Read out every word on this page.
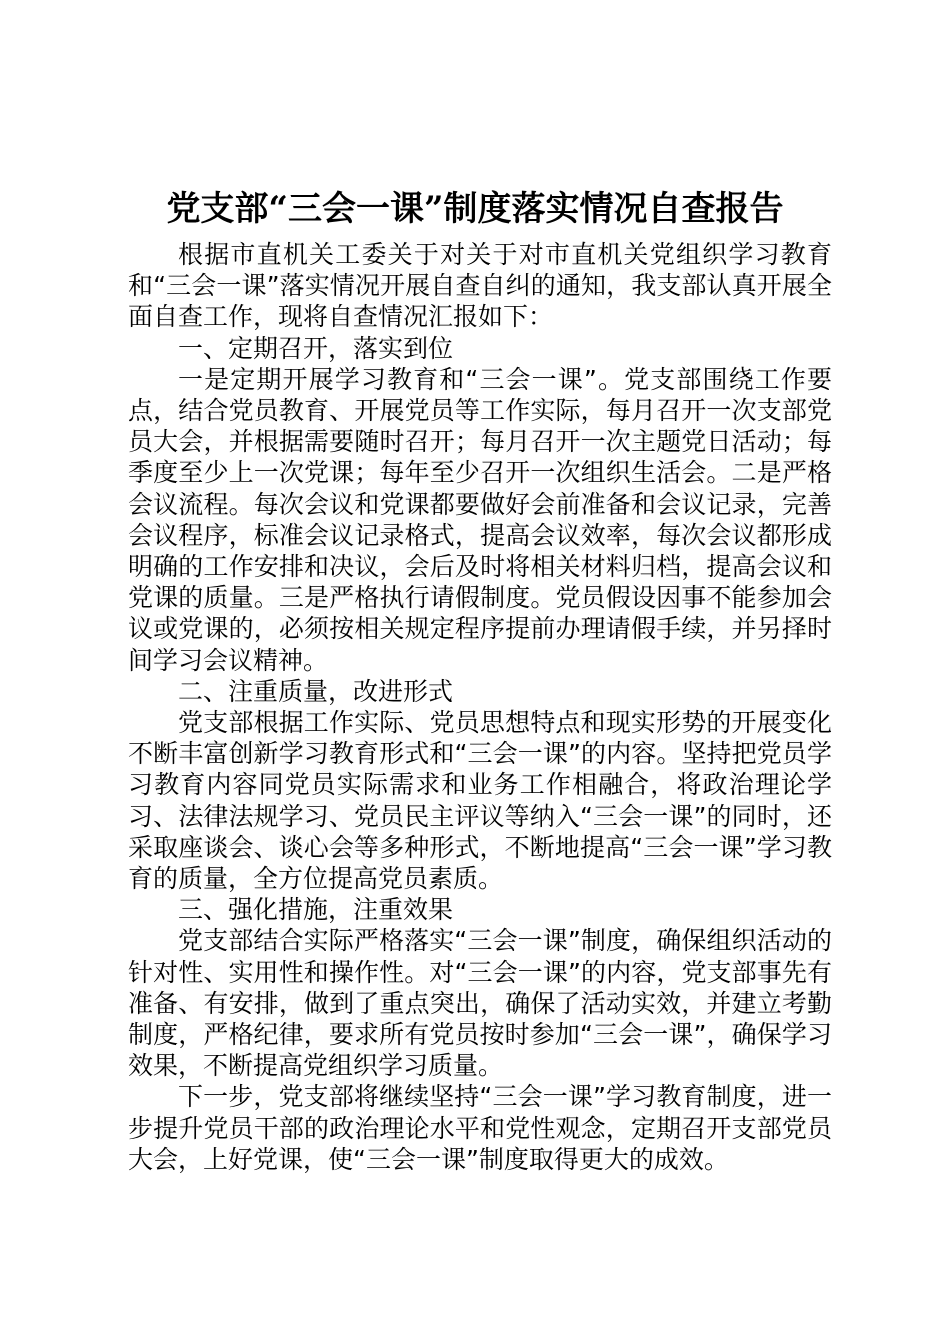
党支部“三会一课”制度落实情况自查报告

根据市直机关工委关于对关于对市直机关党组织学习教育和“三会一课”落实情况开展自查自纠的通知，我支部认真开展全面自查工作，现将自查情况汇报如下：

一、定期召开，落实到位

一是定期开展学习教育和“三会一课”。党支部围绕工作要点，结合党员教育、开展党员等工作实际，每月召开一次支部党员大会，并根据需要随时召开；每月召开一次主题党日活动；每季度至少上一次党课；每年至少召开一次组织生活会。二是严格会议流程。每次会议和党课都要做好会前准备和会议记录，完善会议程序，标准会议记录格式，提高会议效率，每次会议都形成明确的工作安排和决议，会后及时将相关材料归档，提高会议和党课的质量。三是严格执行请假制度。党员假设因事不能参加会议或党课的，必须按相关规定程序提前办理请假手续，并另择时间学习会议精神。

二、注重质量，改进形式

党支部根据工作实际、党员思想特点和现实形势的开展变化不断丰富创新学习教育形式和“三会一课”的内容。坚持把党员学习教育内容同党员实际需求和业务工作相融合，将政治理论学习、法律法规学习、党员民主评议等纳入“三会一课”的同时，还采取座谈会、谈心会等多种形式，不断地提高“三会一课”学习教育的质量，全方位提高党员素质。

三、强化措施，注重效果

党支部结合实际严格落实“三会一课”制度，确保组织活动的针对性、实用性和操作性。对“三会一课”的内容，党支部事先有准备、有安排，做到了重点突出，确保了活动实效，并建立考勤制度，严格纪律，要求所有党员按时参加“三会一课”，确保学习效果，不断提高党组织学习质量。

下一步，党支部将继续坚持“三会一课”学习教育制度，进一步提升党员干部的政治理论水平和党性观念，定期召开支部党员大会，上好党课，使“三会一课”制度取得更大的成效。
